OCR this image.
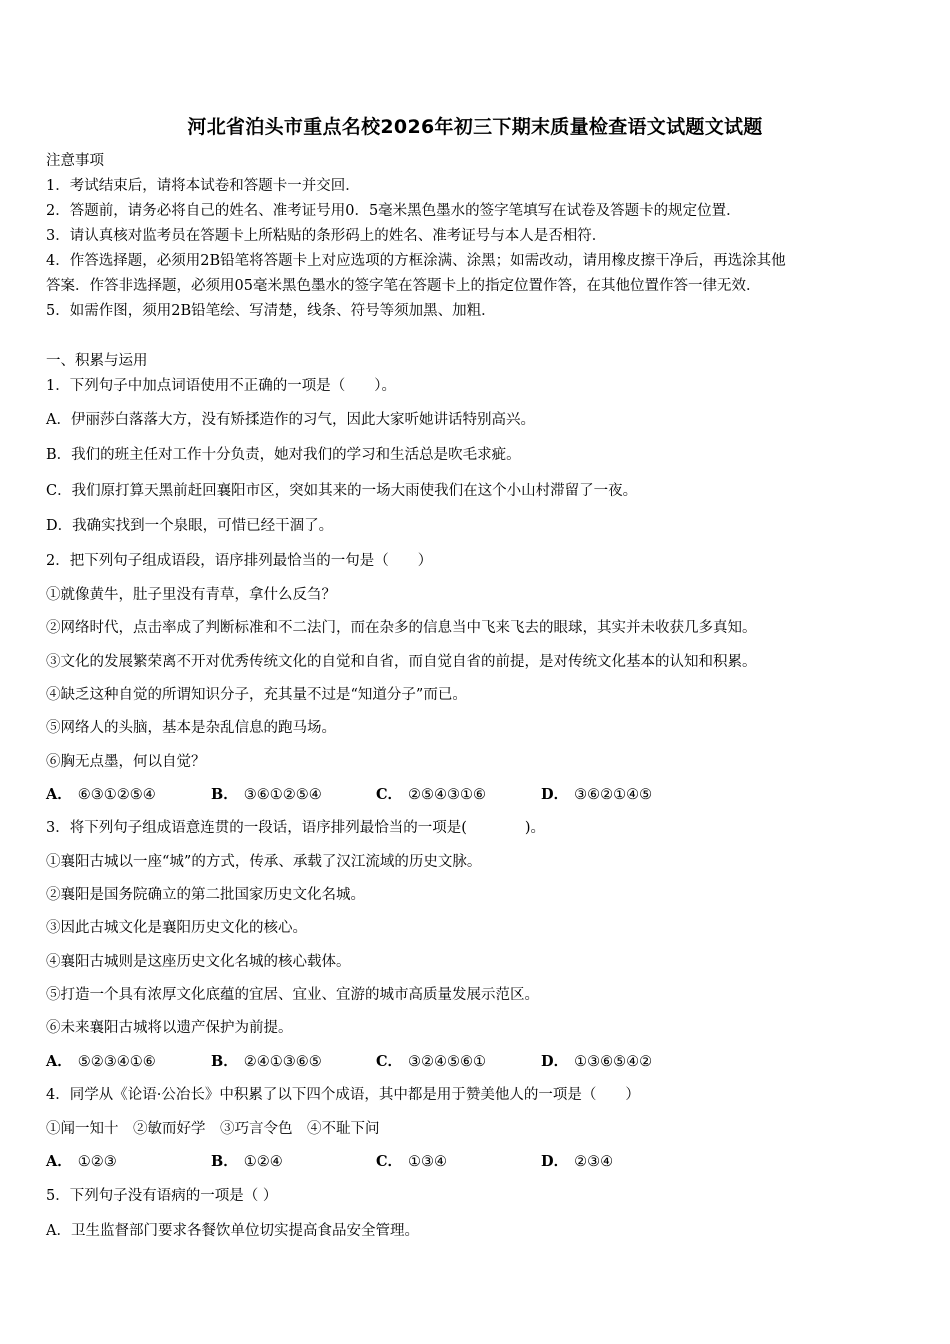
河北省泊头市重点名校2026年初三下期末质量检查语文试题文试题
注意事项
1．考试结束后，请将本试卷和答题卡一并交回．
2．答题前，请务必将自己的姓名、准考证号用0．5毫米黑色墨水的签字笔填写在试卷及答题卡的规定位置．
3．请认真核对监考员在答题卡上所粘贴的条形码上的姓名、准考证号与本人是否相符．
4．作答选择题，必须用2B铅笔将答题卡上对应选项的方框涂满、涂黑；如需改动，请用橡皮擦干净后，再选涂其他
答案．作答非选择题，必须用05毫米黑色墨水的签字笔在答题卡上的指定位置作答，在其他位置作答一律无效．
5．如需作图，须用2B铅笔绘、写清楚，线条、符号等须加黑、加粗．
一、积累与运用
1．下列句子中加点词语使用不正确的一项是（　　）。
A．伊丽莎白落落大方，没有矫揉造作的习气，因此大家听她讲话特别高兴。
B．我们的班主任对工作十分负责，她对我们的学习和生活总是吹毛求疵。
C．我们原打算天黑前赶回襄阳市区，突如其来的一场大雨使我们在这个小山村滞留了一夜。
D．我确实找到一个泉眼，可惜已经干涸了。
2．把下列句子组成语段，语序排列最恰当的一句是（　　）
①就像黄牛，肚子里没有青草，拿什么反刍？
②网络时代，点击率成了判断标准和不二法门，而在杂多的信息当中飞来飞去的眼球，其实并未收获几多真知。
③文化的发展繁荣离不开对优秀传统文化的自觉和自省，而自觉自省的前提，是对传统文化基本的认知和积累。
④缺乏这种自觉的所谓知识分子，充其量不过是“知道分子”而已。
⑤网络人的头脑，基本是杂乱信息的跑马场。
⑥胸无点墨，何以自觉？
A． ⑥③①②⑤④	B． ③⑥①②⑤④	C． ②⑤④③①⑥	D． ③⑥②①④⑤
3．将下列句子组成语意连贯的一段话，语序排列最恰当的一项是(　　　　)。
①襄阳古城以一座“城”的方式，传承、承载了汉江流域的历史文脉。
②襄阳是国务院确立的第二批国家历史文化名城。
③因此古城文化是襄阳历史文化的核心。
④襄阳古城则是这座历史文化名城的核心载体。
⑤打造一个具有浓厚文化底蕴的宜居、宜业、宜游的城市高质量发展示范区。
⑥未来襄阳古城将以遗产保护为前提。
A． ⑤②③④①⑥	B． ②④①③⑥⑤	C． ③②④⑤⑥①	D． ①③⑥⑤④②
4．同学从《论语·公冶长》中积累了以下四个成语，其中都是用于赞美他人的一项是（　　）
①闻一知十　②敏而好学　③巧言令色　④不耻下问
A． ①②③	B． ①②④	C． ①③④	D． ②③④
5．下列句子没有语病的一项是（ ）
A．卫生监督部门要求各餐饮单位切实提高食品安全管理。
